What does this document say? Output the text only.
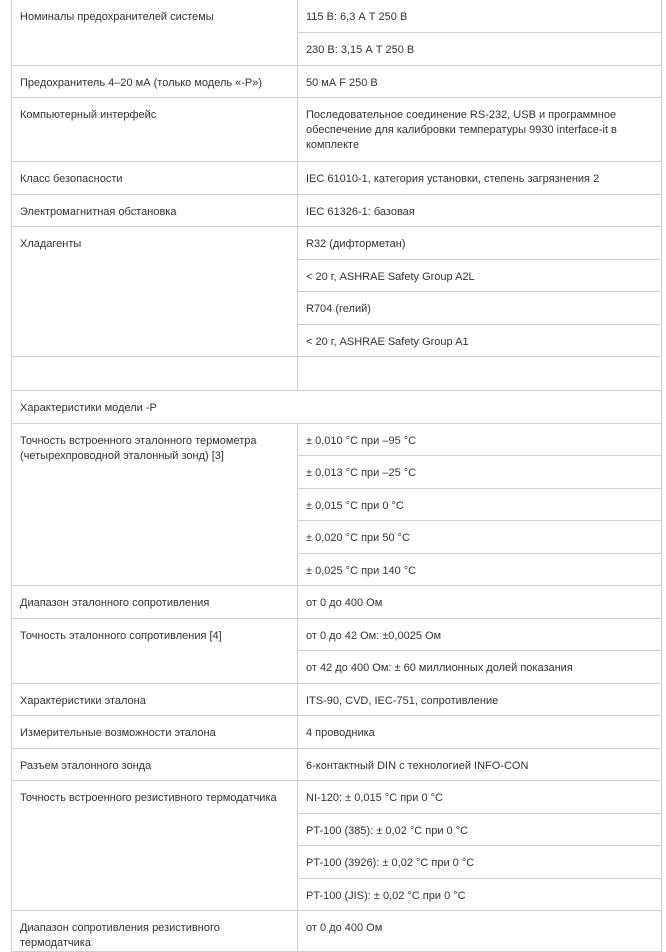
Номиналы предохранителей системы	115 В: 6,3 А Т 250 В
	230 В: 3,15 А Т 250 В
Предохранитель 4–20 мА (только модель «-P»)	50 мА F 250 В
Компьютерный интерфейс	Последовательное соединение RS-232, USB и программное обеспечение для калибровки температуры 9930 interface-it в комплекте
Класс безопасности	IEC 61010-1, категория установки, степень загрязнения 2
Электромагнитная обстановка	IEC 61326-1: базовая
Хладагенты	R32 (дифторметан)
	< 20 г, ASHRAE Safety Group A2L
	R704 (гелий)
	< 20 г, ASHRAE Safety Group A1

Характеристики модели -P	
Точность встроенного эталонного термометра (четырехпроводной эталонный зонд) [3]	± 0,010 °C при –95 °C
	± 0,013 °C при –25 °C
	± 0,015 °C при 0 °C
	± 0,020 °C при 50 °C
	± 0,025 °C при 140 °C
Диапазон эталонного сопротивления	от 0 до 400 Ом
Точность эталонного сопротивления [4]	от 0 до 42 Ом: ±0,0025 Ом
	от 42 до 400 Ом: ± 60 миллионных долей показания
Характеристики эталона	ITS-90, CVD, IEC-751, сопротивление
Измерительные возможности эталона	4 проводника
Разъем эталонного зонда	6-контактный DIN с технологией INFO-CON
Точность встроенного резистивного термодатчика	NI-120: ± 0,015 °C при 0 °C
	PT-100 (385): ± 0,02 °C при 0 °C
	PT-100 (3926): ± 0,02 °C при 0 °C
	PT-100 (JIS): ± 0,02 °C при 0 °C
Диапазон сопротивления резистивного термодатчика	от 0 до 400 Ом
